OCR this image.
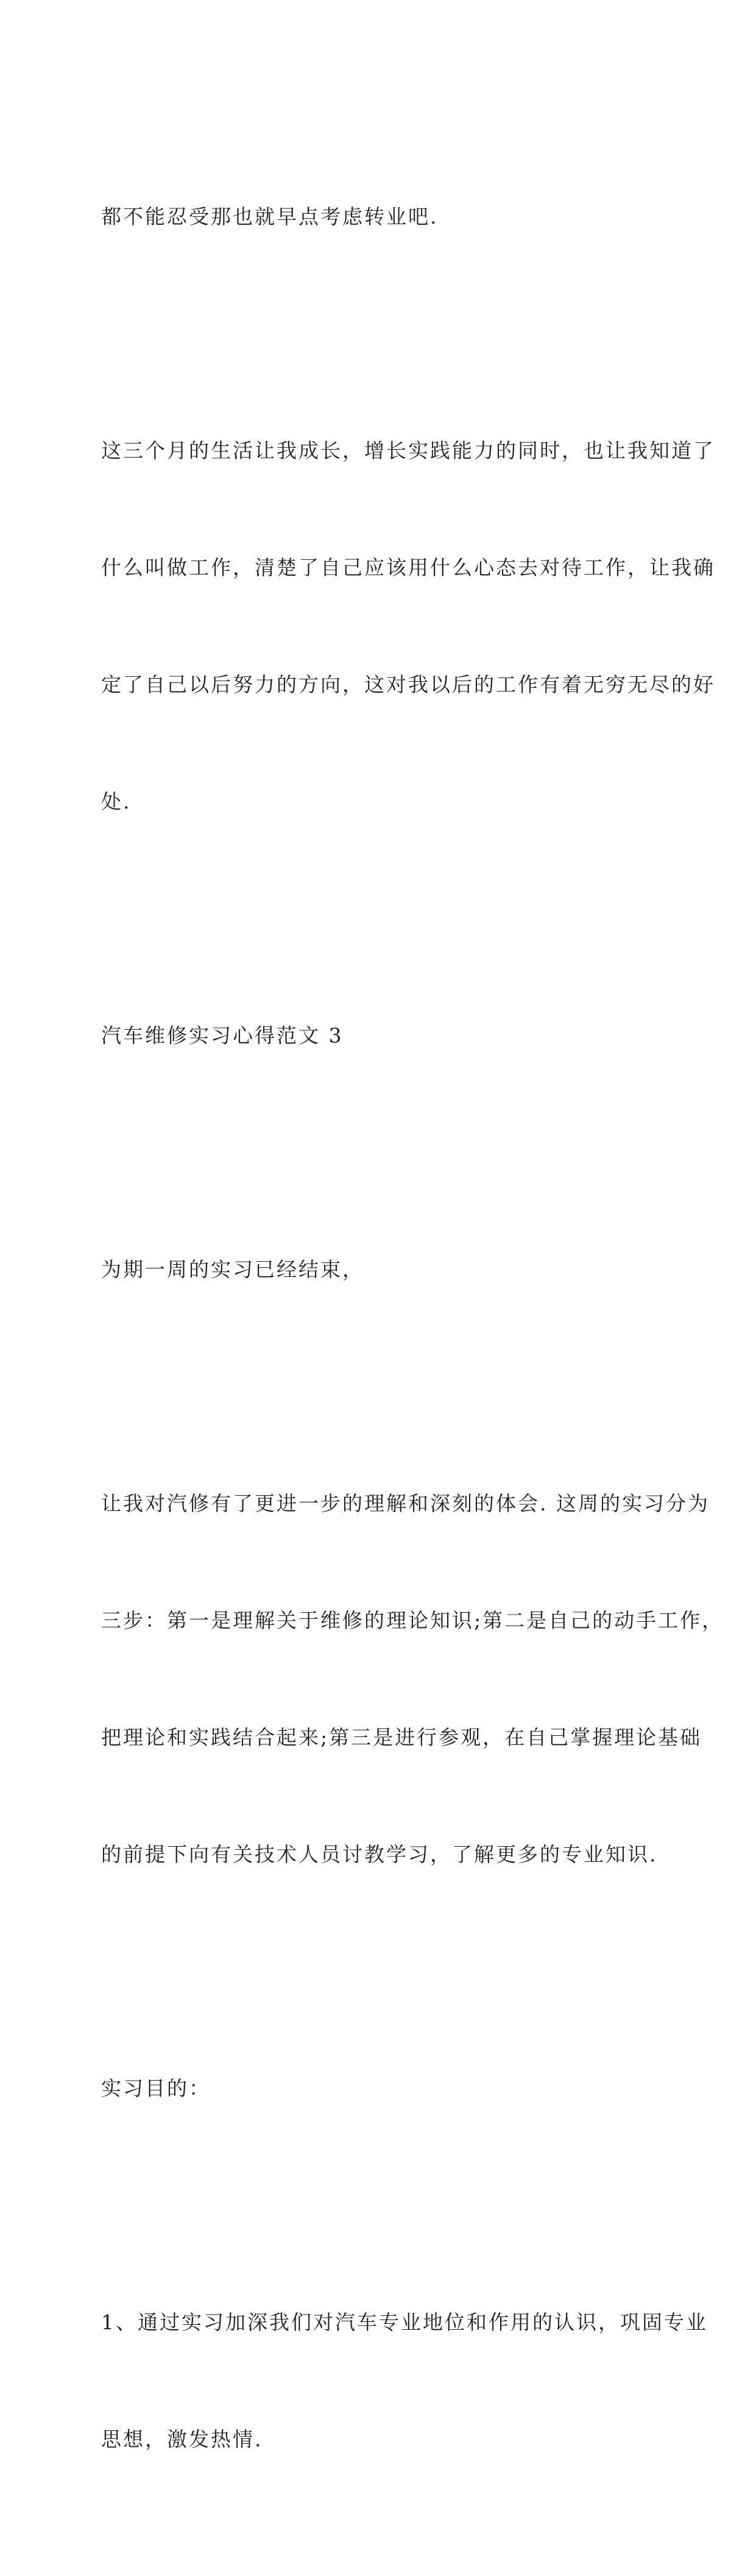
都不能忍受那也就早点考虑转业吧.

这三个月的生活让我成长，增长实践能力的同时，也让我知道了

什么叫做工作，清楚了自己应该用什么心态去对待工作，让我确

定了自己以后努力的方向，这对我以后的工作有着无穷无尽的好

处.

汽车维修实习心得范文 3

为期一周的实习已经结束，

让我对汽修有了更进一步的理解和深刻的体会. 这周的实习分为

三步：第一是理解关于维修的理论知识;第二是自己的动手工作，

把理论和实践结合起来;第三是进行参观，在自己掌握理论基础

的前提下向有关技术人员讨教学习，了解更多的专业知识.

实习目的：

1、通过实习加深我们对汽车专业地位和作用的认识，巩固专业

思想，激发热情.
